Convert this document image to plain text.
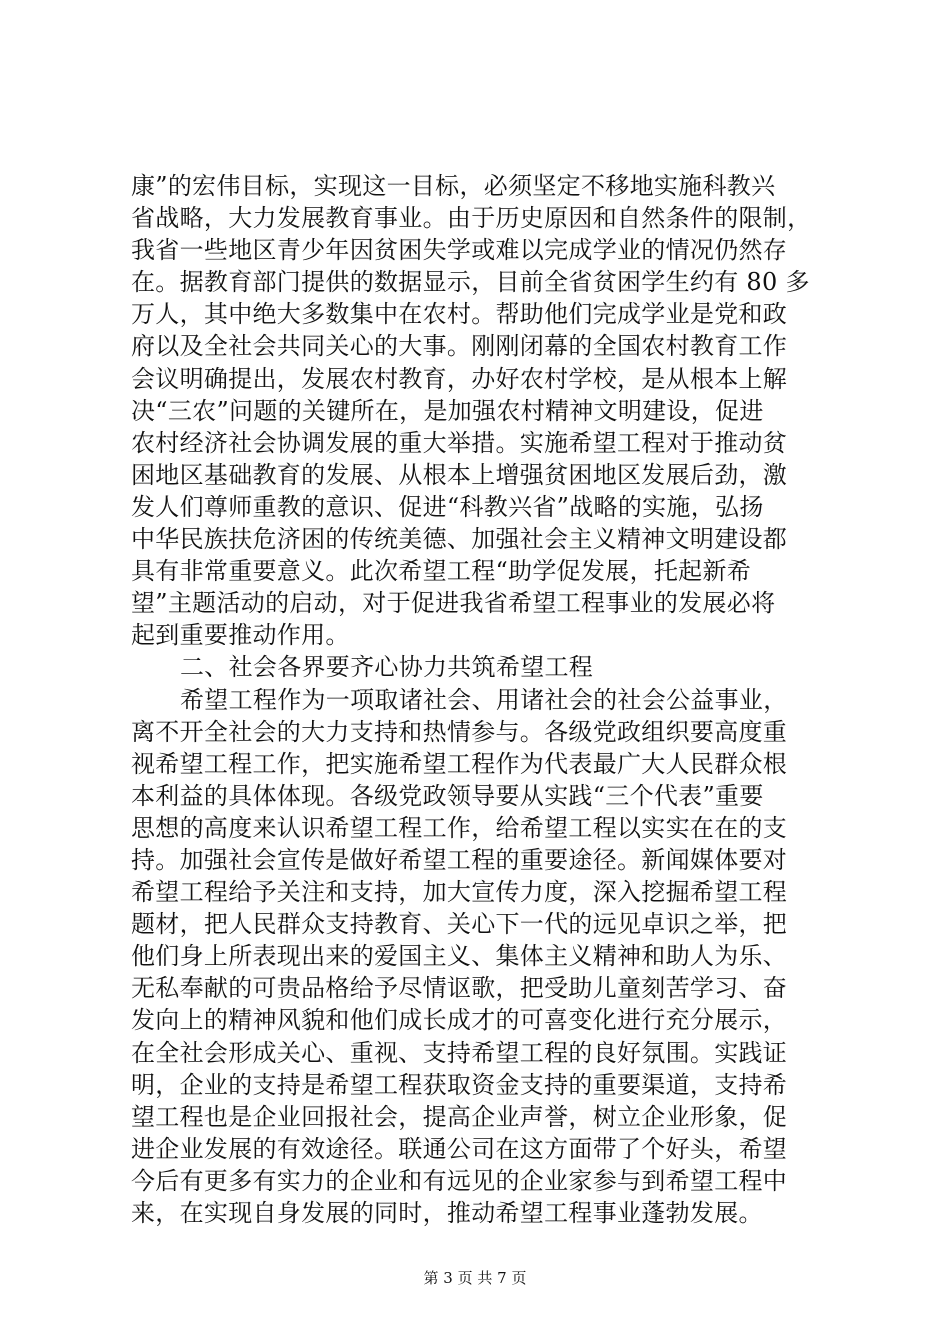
康”的宏伟目标，实现这一目标，必须坚定不移地实施科教兴
省战略，大力发展教育事业。由于历史原因和自然条件的限制，
我省一些地区青少年因贫困失学或难以完成学业的情况仍然存
在。据教育部门提供的数据显示，目前全省贫困学生约有 80 多
万人，其中绝大多数集中在农村。帮助他们完成学业是党和政
府以及全社会共同关心的大事。刚刚闭幕的全国农村教育工作
会议明确提出，发展农村教育，办好农村学校，是从根本上解
决“三农”问题的关键所在，是加强农村精神文明建设，促进
农村经济社会协调发展的重大举措。实施希望工程对于推动贫
困地区基础教育的发展、从根本上增强贫困地区发展后劲，激
发人们尊师重教的意识、促进“科教兴省”战略的实施，弘扬
中华民族扶危济困的传统美德、加强社会主义精神文明建设都
具有非常重要意义。此次希望工程“助学促发展，托起新希
望”主题活动的启动，对于促进我省希望工程事业的发展必将
起到重要推动作用。
二、社会各界要齐心协力共筑希望工程
希望工程作为一项取诸社会、用诸社会的社会公益事业，
离不开全社会的大力支持和热情参与。各级党政组织要高度重
视希望工程工作，把实施希望工程作为代表最广大人民群众根
本利益的具体体现。各级党政领导要从实践“三个代表”重要
思想的高度来认识希望工程工作，给希望工程以实实在在的支
持。加强社会宣传是做好希望工程的重要途径。新闻媒体要对
希望工程给予关注和支持，加大宣传力度，深入挖掘希望工程
题材，把人民群众支持教育、关心下一代的远见卓识之举，把
他们身上所表现出来的爱国主义、集体主义精神和助人为乐、
无私奉献的可贵品格给予尽情讴歌，把受助儿童刻苦学习、奋
发向上的精神风貌和他们成长成才的可喜变化进行充分展示，
在全社会形成关心、重视、支持希望工程的良好氛围。实践证
明，企业的支持是希望工程获取资金支持的重要渠道，支持希
望工程也是企业回报社会，提高企业声誉，树立企业形象，促
进企业发展的有效途径。联通公司在这方面带了个好头，希望
今后有更多有实力的企业和有远见的企业家参与到希望工程中
来，在实现自身发展的同时，推动希望工程事业蓬勃发展。
第 3 页 共 7 页
